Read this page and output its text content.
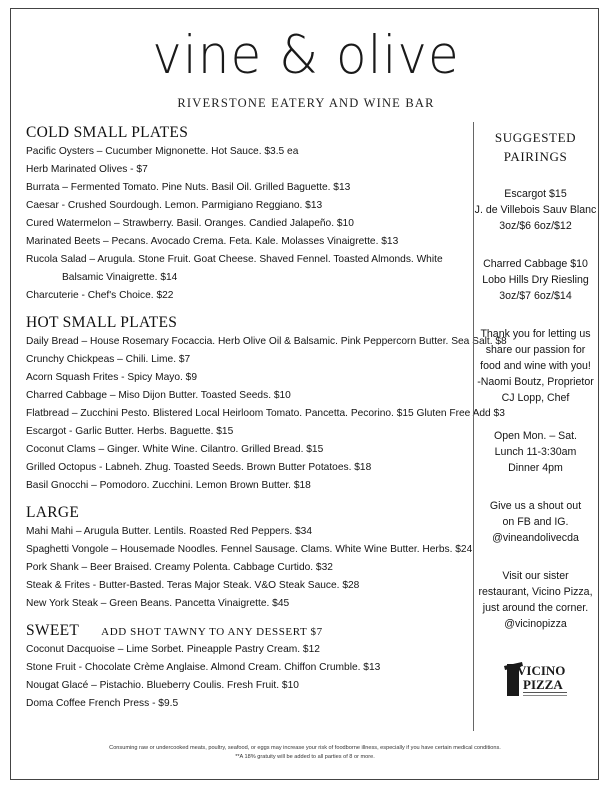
vine & olive
RIVERSTONE EATERY AND WINE BAR
COLD SMALL PLATES
Pacific Oysters – Cucumber Mignonette. Hot Sauce. $3.5 ea
Herb Marinated Olives - $7
Burrata – Fermented Tomato. Pine Nuts. Basil Oil. Grilled Baguette. $13
Caesar - Crushed Sourdough. Lemon. Parmigiano Reggiano. $13
Cured Watermelon – Strawberry. Basil. Oranges. Candied Jalapeño. $10
Marinated Beets – Pecans. Avocado Crema. Feta. Kale. Molasses Vinaigrette. $13
Rucola Salad – Arugula. Stone Fruit. Goat Cheese. Shaved Fennel. Toasted Almonds. White Balsamic Vinaigrette. $14
Charcuterie - Chef's Choice. $22
HOT SMALL PLATES
Daily Bread – House Rosemary Focaccia. Herb Olive Oil & Balsamic. Pink Peppercorn Butter. Sea Salt. $8
Crunchy Chickpeas – Chili. Lime. $7
Acorn Squash Frites - Spicy Mayo. $9
Charred Cabbage – Miso Dijon Butter. Toasted Seeds. $10
Flatbread – Zucchini Pesto. Blistered Local Heirloom Tomato. Pancetta. Pecorino. $15 Gluten Free Add $3
Escargot - Garlic Butter. Herbs. Baguette. $15
Coconut Clams – Ginger. White Wine. Cilantro. Grilled Bread. $15
Grilled Octopus - Labneh. Zhug. Toasted Seeds. Brown Butter Potatoes. $18
Basil Gnocchi – Pomodoro. Zucchini. Lemon Brown Butter. $18
LARGE
Mahi Mahi – Arugula Butter. Lentils. Roasted Red Peppers. $34
Spaghetti Vongole – Housemade Noodles. Fennel Sausage. Clams. White Wine Butter. Herbs. $24
Pork Shank – Beer Braised. Creamy Polenta. Cabbage Curtido. $32
Steak & Frites - Butter-Basted. Teras Major Steak. V&O Steak Sauce. $28
New York Steak – Green Beans. Pancetta Vinaigrette. $45
SWEET ADD SHOT TAWNY TO ANY DESSERT $7
Coconut Dacquoise – Lime Sorbet. Pineapple Pastry Cream. $12
Stone Fruit - Chocolate Crème Anglaise. Almond Cream. Chiffon Crumble. $13
Nougat Glacé – Pistachio. Blueberry Coulis. Fresh Fruit. $10
Doma Coffee French Press - $9.5
SUGGESTED
PAIRINGS
Escargot $15
J. de Villebois Sauv Blanc
3oz/$6 6oz/$12
Charred Cabbage $10
Lobo Hills Dry Riesling
3oz/$7 6oz/$14
Thank you for letting us
share our passion for
food and wine with you!
-Naomi Boutz, Proprietor
CJ Lopp, Chef
Open Mon. – Sat.
Lunch 11-3:30am
Dinner 4pm
Give us a shout out
on FB and IG.
@vineandolivecda
Visit our sister
restaurant, Vicino Pizza,
just around the corner.
@vicinopizza
VICINO
PIZZA
Consuming raw or undercooked meats, poultry, seafood, or eggs may increase your risk of foodborne illness, especially if you have certain medical conditions.
**A 18% gratuity will be added to all parties of 8 or more.
